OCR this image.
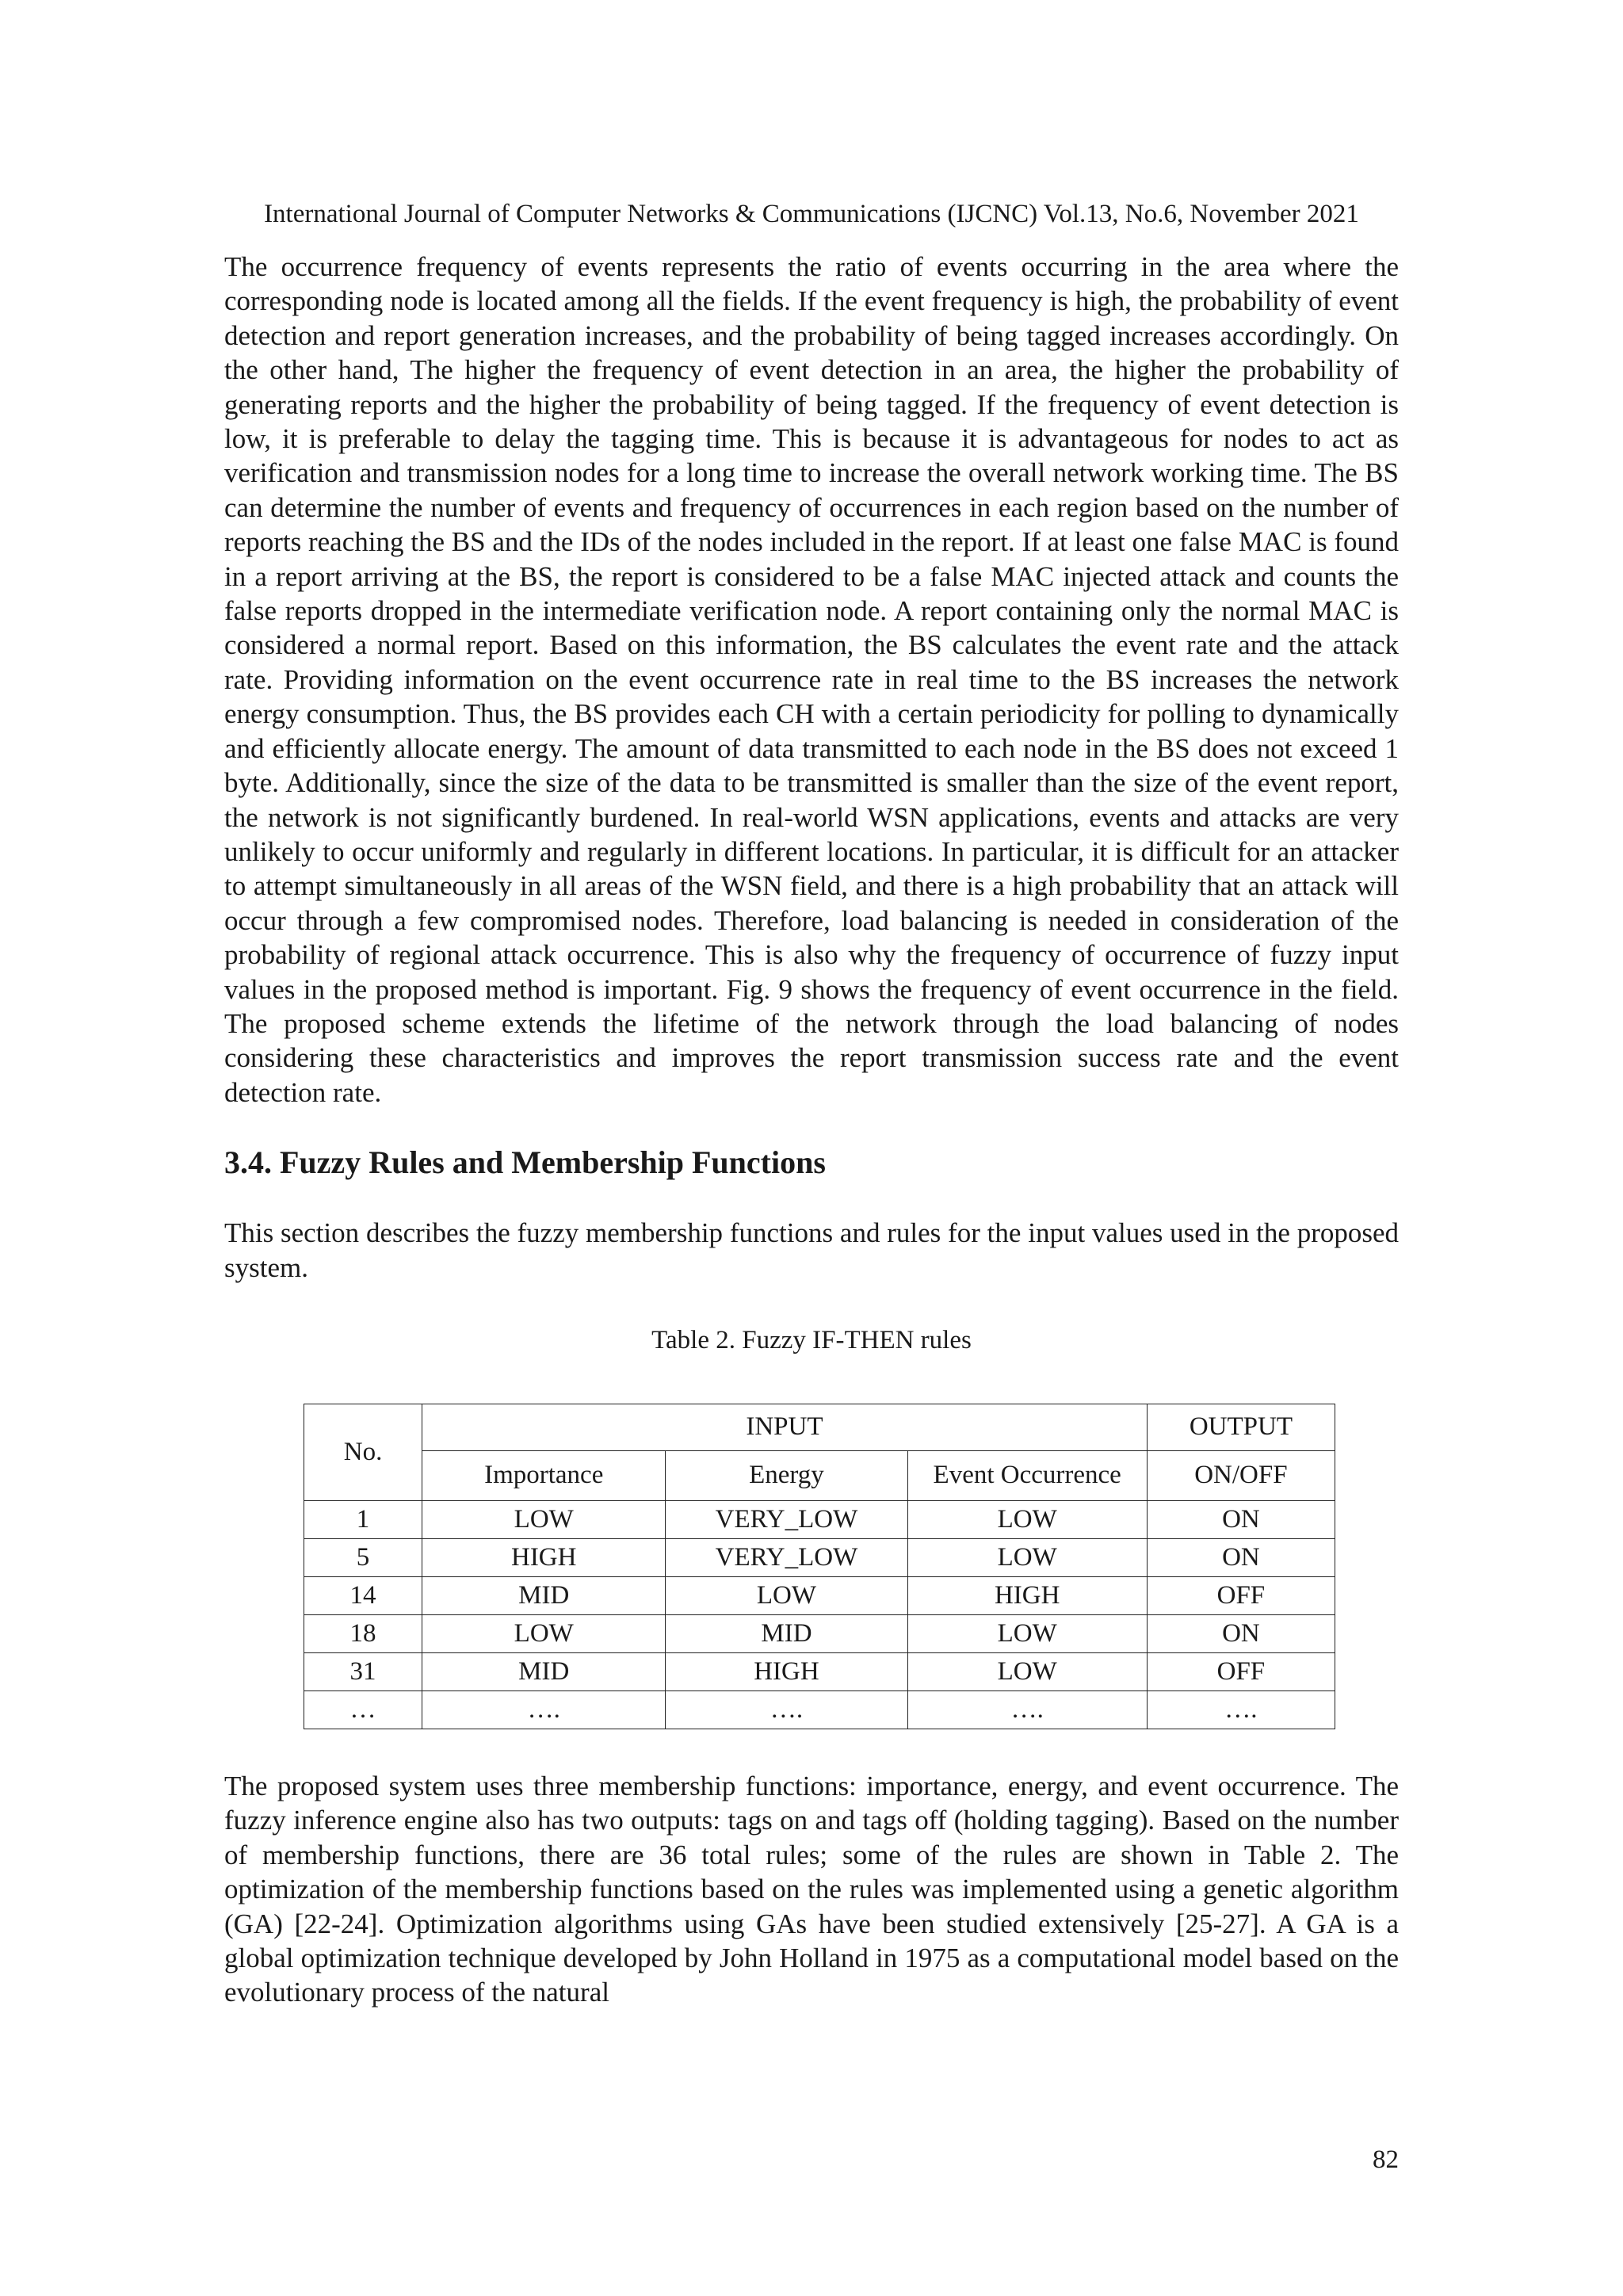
International Journal of Computer Networks & Communications (IJCNC) Vol.13, No.6, November 2021

The occurrence frequency of events represents the ratio of events occurring in the area where the corresponding node is located among all the fields. If the event frequency is high, the probability of event detection and report generation increases, and the probability of being tagged increases accordingly. On the other hand, The higher the frequency of event detection in an area, the higher the probability of generating reports and the higher the probability of being tagged. If the frequency of event detection is low, it is preferable to delay the tagging time. This is because it is advantageous for nodes to act as verification and transmission nodes for a long time to increase the overall network working time. The BS can determine the number of events and frequency of occurrences in each region based on the number of reports reaching the BS and the IDs of the nodes included in the report. If at least one false MAC is found in a report arriving at the BS, the report is considered to be a false MAC injected attack and counts the false reports dropped in the intermediate verification node. A report containing only the normal MAC is considered a normal report. Based on this information, the BS calculates the event rate and the attack rate. Providing information on the event occurrence rate in real time to the BS increases the network energy consumption. Thus, the BS provides each CH with a certain periodicity for polling to dynamically and efficiently allocate energy. The amount of data transmitted to each node in the BS does not exceed 1 byte. Additionally, since the size of the data to be transmitted is smaller than the size of the event report, the network is not significantly burdened. In real-world WSN applications, events and attacks are very unlikely to occur uniformly and regularly in different locations. In particular, it is difficult for an attacker to attempt simultaneously in all areas of the WSN field, and there is a high probability that an attack will occur through a few compromised nodes. Therefore, load balancing is needed in consideration of the probability of regional attack occurrence. This is also why the frequency of occurrence of fuzzy input values in the proposed method is important. Fig. 9 shows the frequency of event occurrence in the field. The proposed scheme extends the lifetime of the network through the load balancing of nodes considering these characteristics and improves the report transmission success rate and the event detection rate.

3.4. Fuzzy Rules and Membership Functions

This section describes the fuzzy membership functions and rules for the input values used in the proposed system.

Table 2. Fuzzy IF-THEN rules
No.	INPUT			OUTPUT
	Importance	Energy	Event Occurrence	ON/OFF
1	LOW	VERY_LOW	LOW	ON
5	HIGH	VERY_LOW	LOW	ON
14	MID	LOW	HIGH	OFF
18	LOW	MID	LOW	ON
31	MID	HIGH	LOW	OFF
…	….	….	….	….

The proposed system uses three membership functions: importance, energy, and event occurrence. The fuzzy inference engine also has two outputs: tags on and tags off (holding tagging). Based on the number of membership functions, there are 36 total rules; some of the rules are shown in Table 2. The optimization of the membership functions based on the rules was implemented using a genetic algorithm (GA) [22-24]. Optimization algorithms using GAs have been studied extensively [25-27]. A GA is a global optimization technique developed by John Holland in 1975 as a computational model based on the evolutionary process of the natural

82
